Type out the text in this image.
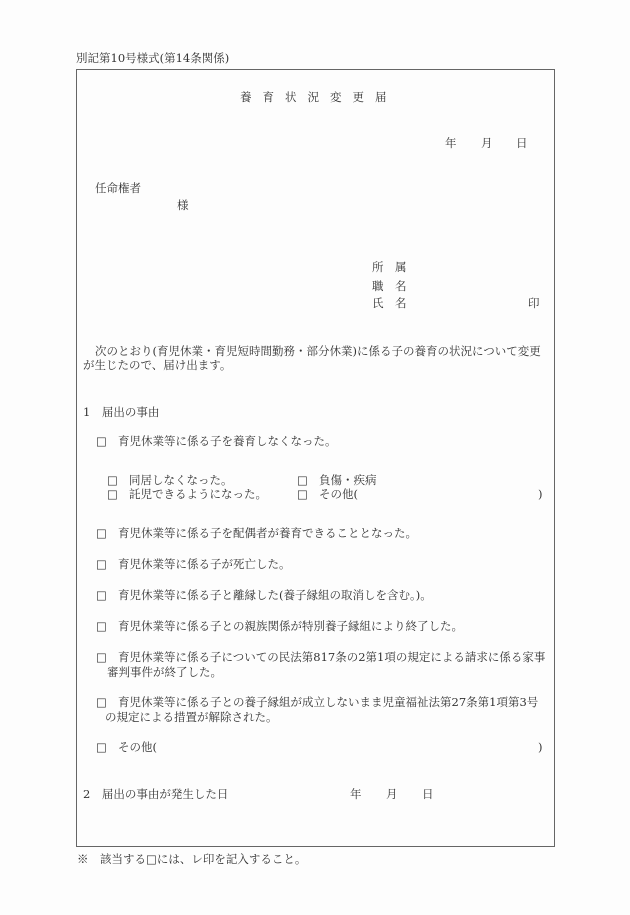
別記第10号様式(第14条関係)
養育状況変更届
年 月 日
任命権者
様
所　属
職　名
氏　名	印
次のとおり(育児休業・育児短時間勤務・部分休業)に係る子の養育の状況について変更
が生じたので、届け出ます。
1　届出の事由
□ 育児休業等に係る子を養育しなくなった。
□ 同居しなくなった。	□ 負傷・疾病
□ 託児できるようになった。	□ その他(	)
□ 育児休業等に係る子を配偶者が養育できることとなった。
□ 育児休業等に係る子が死亡した。
□ 育児休業等に係る子と離縁した(養子縁組の取消しを含む。)。
□ 育児休業等に係る子との親族関係が特別養子縁組により終了した。
□ 育児休業等に係る子についての民法第817条の2第1項の規定による請求に係る家事
審判事件が終了した。
□ 育児休業等に係る子との養子縁組が成立しないまま児童福祉法第27条第1項第3号
の規定による措置が解除された。
□ その他(	)
2　届出の事由が発生した日	年 月 日
※　該当する□には、レ印を記入すること。
